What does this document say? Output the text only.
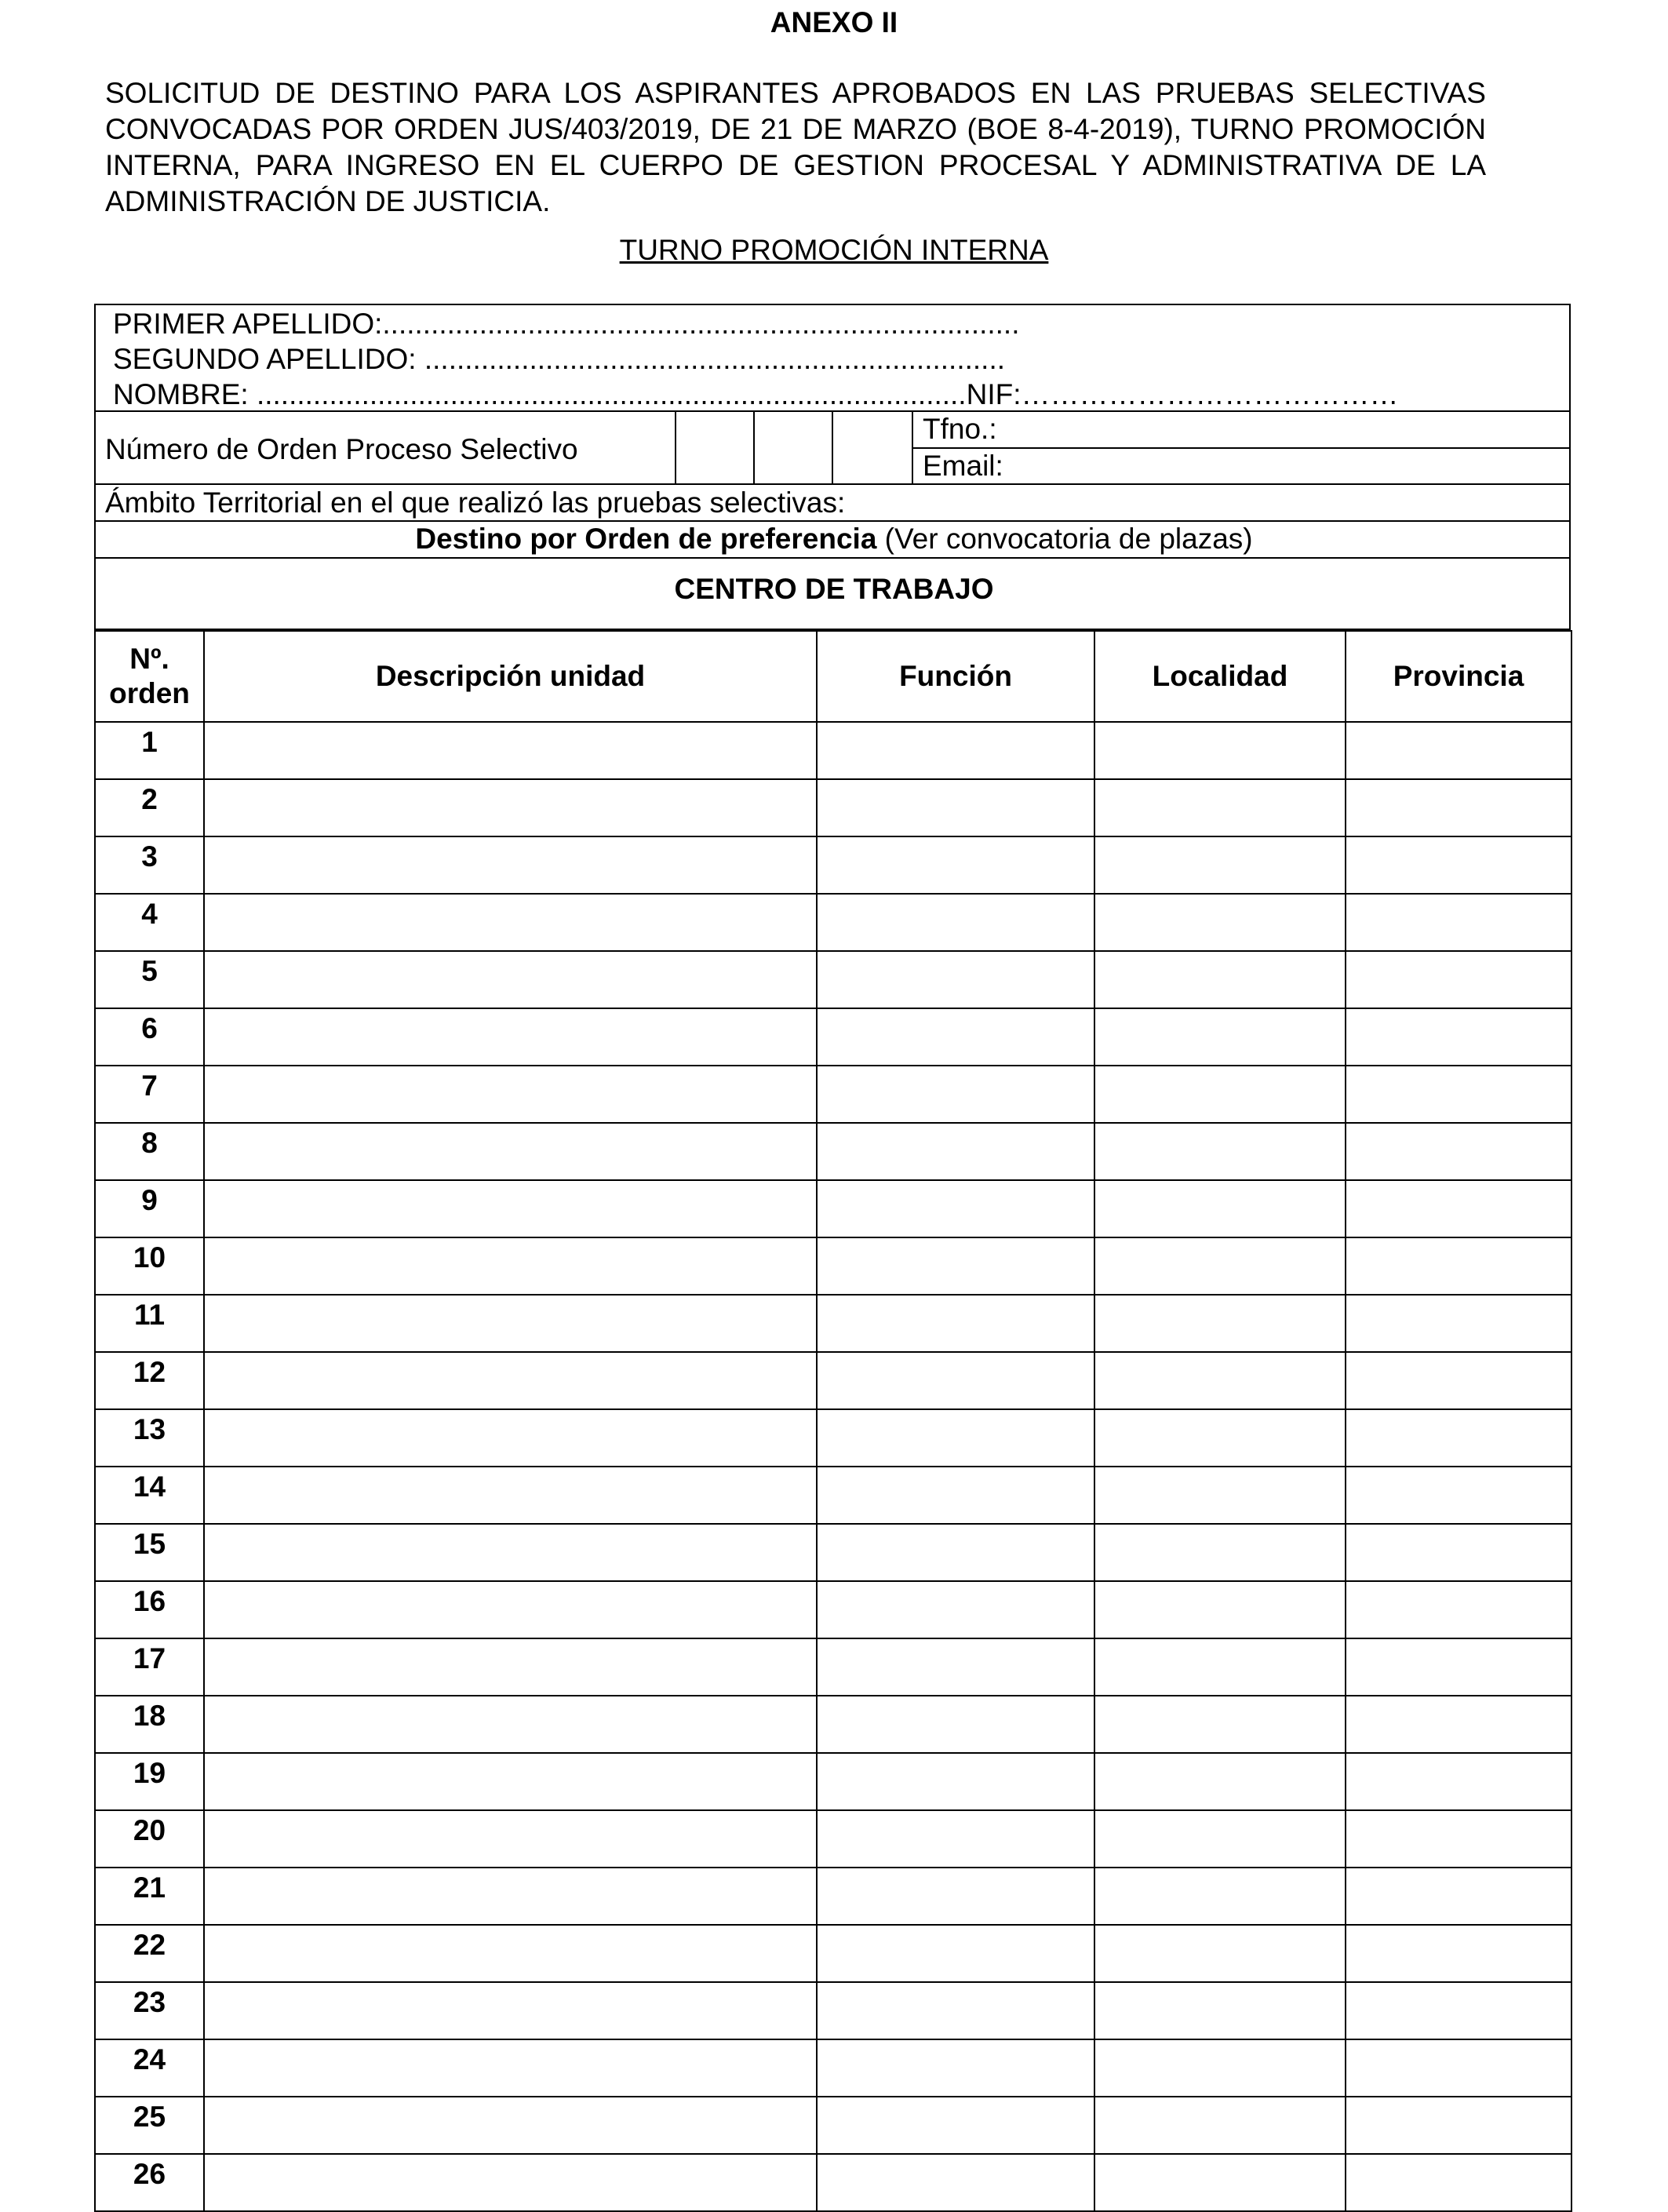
ANEXO II
SOLICITUD DE DESTINO PARA LOS ASPIRANTES APROBADOS EN LAS PRUEBAS SELECTIVAS CONVOCADAS POR ORDEN JUS/403/2019, DE 21 DE MARZO (BOE 8-4-2019), TURNO PROMOCIÓN INTERNA, PARA INGRESO EN EL CUERPO DE GESTION PROCESAL Y ADMINISTRATIVA DE LA ADMINISTRACIÓN DE JUSTICIA.
TURNO PROMOCIÓN INTERNA
PRIMER APELLIDO:...............................................................................
SEGUNDO APELLIDO: ........................................................................
NOMBRE: ........................................................................................NIF:…………………………………
Número de Orden Proceso Selectivo
Tfno.:
Email:
Ámbito Territorial en el que realizó las pruebas selectivas:
Destino por Orden de preferencia (Ver convocatoria de plazas)
CENTRO DE TRABAJO
Nº.
orden	Descripción unidad	Función	Localidad	Provincia
1				
2				
3				
4				
5				
6				
7				
8				
9				
10				
11				
12				
13				
14				
15				
16				
17				
18				
19				
20				
21				
22				
23				
24				
25				
26				
